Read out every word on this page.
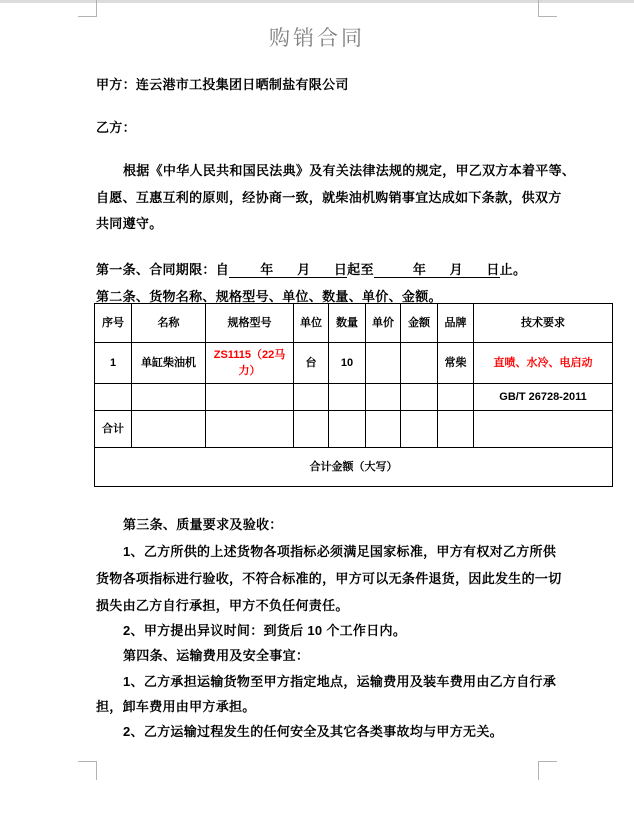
购销合同
甲方：连云港市工投集团日晒制盐有限公司
乙方：
根据《中华人民共和国民法典》及有关法律法规的规定，甲乙双方本着平等、
自愿、互惠互利的原则，经协商一致，就柴油机购销事宜达成如下条款，供双方
共同遵守。
第一条、合同期限：自        年      月      日起至          年      月      日止。
第二条、货物名称、规格型号、单位、数量、单价、金额。
序号	名称	规格型号	单位	数量	单价	金额	品牌	技术要求
1	单缸柴油机	ZS1115（22马力）	台	10			常柴	直喷、水冷、电启动
								GB/T 26728-2011
合计								
合计金额（大写）								
第三条、质量要求及验收：
1、乙方所供的上述货物各项指标必须满足国家标准，甲方有权对乙方所供
货物各项指标进行验收，不符合标准的，甲方可以无条件退货，因此发生的一切
损失由乙方自行承担，甲方不负任何责任。
2、甲方提出异议时间：到货后 10 个工作日内。
第四条、运输费用及安全事宜：
1、乙方承担运输货物至甲方指定地点，运输费用及装车费用由乙方自行承
担，卸车费用由甲方承担。
2、乙方运输过程发生的任何安全及其它各类事故均与甲方无关。
